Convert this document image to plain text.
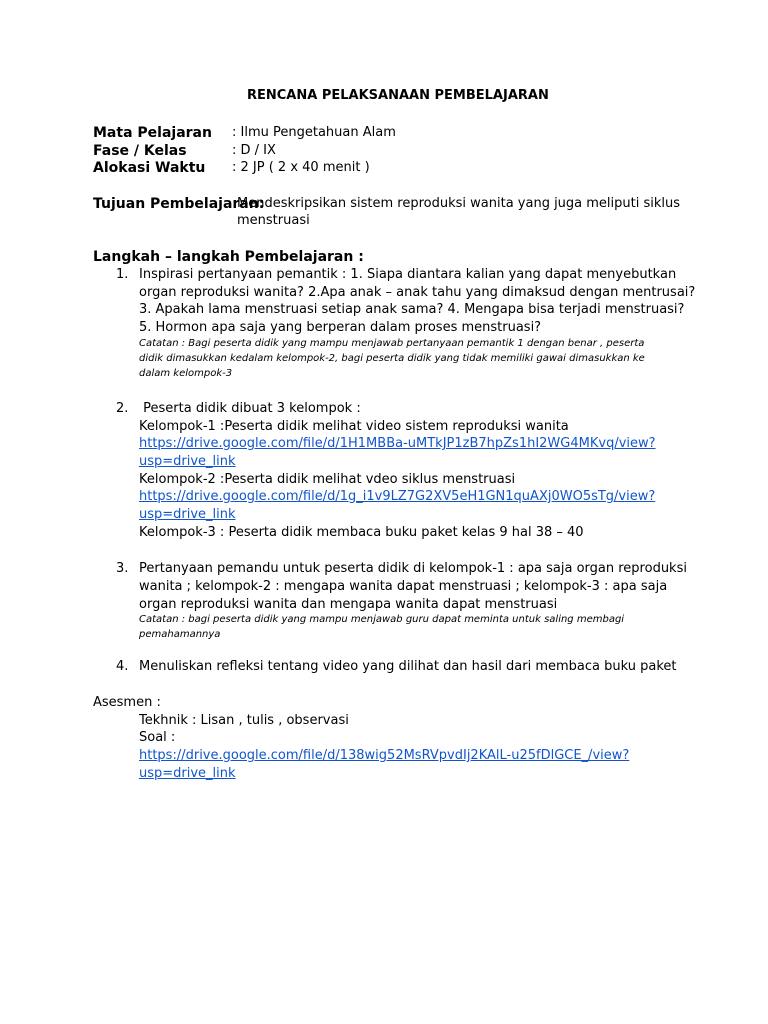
RENCANA PELAKSANAAN PEMBELAJARAN
Mata Pelajaran : Ilmu Pengetahuan Alam
Fase / Kelas	: D / IX
Alokasi Waktu : 2 JP ( 2 x 40 menit )
Tujuan Pembelajaran:
Mendeskripsikan sistem reproduksi wanita yang juga meliputi siklus
menstruasi
Langkah – langkah Pembelajaran :
1. Inspirasi pertanyaan pemantik : 1. Siapa diantara kalian yang dapat menyebutkan
organ reproduksi wanita? 2.Apa anak – anak tahu yang dimaksud dengan mentrusai?
3. Apakah lama menstruasi setiap anak sama? 4. Mengapa bisa terjadi menstruasi?
5. Hormon apa saja yang berperan dalam proses menstruasi?
Catatan : Bagi peserta didik yang mampu menjawab pertanyaan pemantik 1 dengan benar , peserta
didik dimasukkan kedalam kelompok-2, bagi peserta didik yang tidak memiliki gawai dimasukkan ke
dalam kelompok-3
2. Peserta didik dibuat 3 kelompok :
Kelompok-1 :Peserta didik melihat video sistem reproduksi wanita
https://drive.google.com/file/d/1H1MBBa-uMTkJP1zB7hpZs1hI2WG4MKvq/view?
usp=drive_link
Kelompok-2 :Peserta didik melihat vdeo siklus menstruasi
https://drive.google.com/file/d/1g_i1v9LZ7G2XV5eH1GN1quAXj0WO5sTg/view?
usp=drive_link
Kelompok-3 : Peserta didik membaca buku paket kelas 9 hal 38 – 40
3. Pertanyaan pemandu untuk peserta didik di kelompok-1 : apa saja organ reproduksi
wanita ; kelompok-2 : mengapa wanita dapat menstruasi ; kelompok-3 : apa saja
organ reproduksi wanita dan mengapa wanita dapat menstruasi
Catatan : bagi peserta didik yang mampu menjawab guru dapat meminta untuk saling membagi
pemahamannya
4. Menuliskan refleksi tentang video yang dilihat dan hasil dari membaca buku paket
Asesmen :
Tekhnik : Lisan , tulis , observasi
Soal :
https://drive.google.com/file/d/138wig52MsRVpvdIj2KAlL-u25fDlGCE_/view?
usp=drive_link
